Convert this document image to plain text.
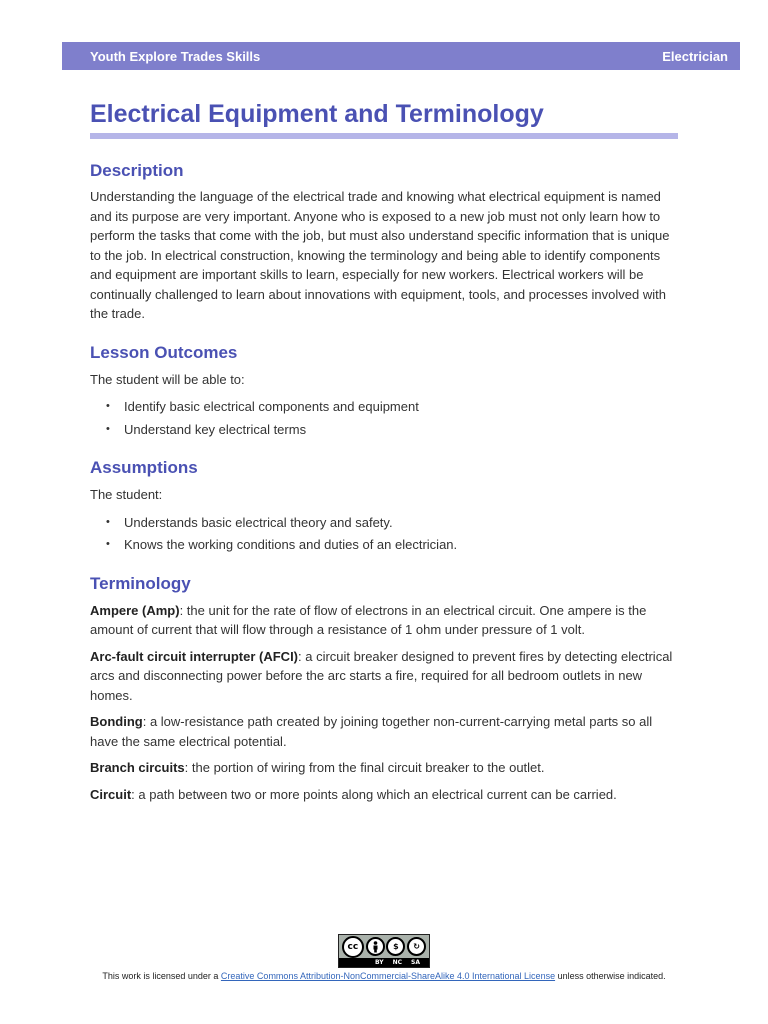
Youth Explore Trades Skills	Electrician
Electrical Equipment and Terminology
Description

Understanding the language of the electrical trade and knowing what electrical equipment is named and its purpose are very important. Anyone who is exposed to a new job must not only learn how to perform the tasks that come with the job, but must also understand specific information that is unique to the job. In electrical construction, knowing the terminology and being able to identify components and equipment are important skills to learn, especially for new workers. Electrical workers will be continually challenged to learn about innovations with equipment, tools, and processes involved with the trade.

Lesson Outcomes

The student will be able to:

• Identify basic electrical components and equipment
• Understand key electrical terms
Assumptions

The student:

• Understands basic electrical theory and safety.
• Knows the working conditions and duties of an electrician.
Terminology

Ampere (Amp): the unit for the rate of flow of electrons in an electrical circuit. One ampere is the amount of current that will flow through a resistance of 1 ohm under pressure of 1 volt.

Arc-fault circuit interrupter (AFCI): a circuit breaker designed to prevent fires by detecting electrical arcs and disconnecting power before the arc starts a fire, required for all bedroom outlets in new homes.

Bonding: a low-resistance path created by joining together non-current-carrying metal parts so all have the same electrical potential.

Branch circuits: the portion of wiring from the final circuit breaker to the outlet.

Circuit: a path between two or more points along which an electrical current can be carried.

cc	$	↻
BY NC SA
This work is licensed under a Creative Commons Attribution-NonCommercial-ShareAlike 4.0 International License unless otherwise indicated.
